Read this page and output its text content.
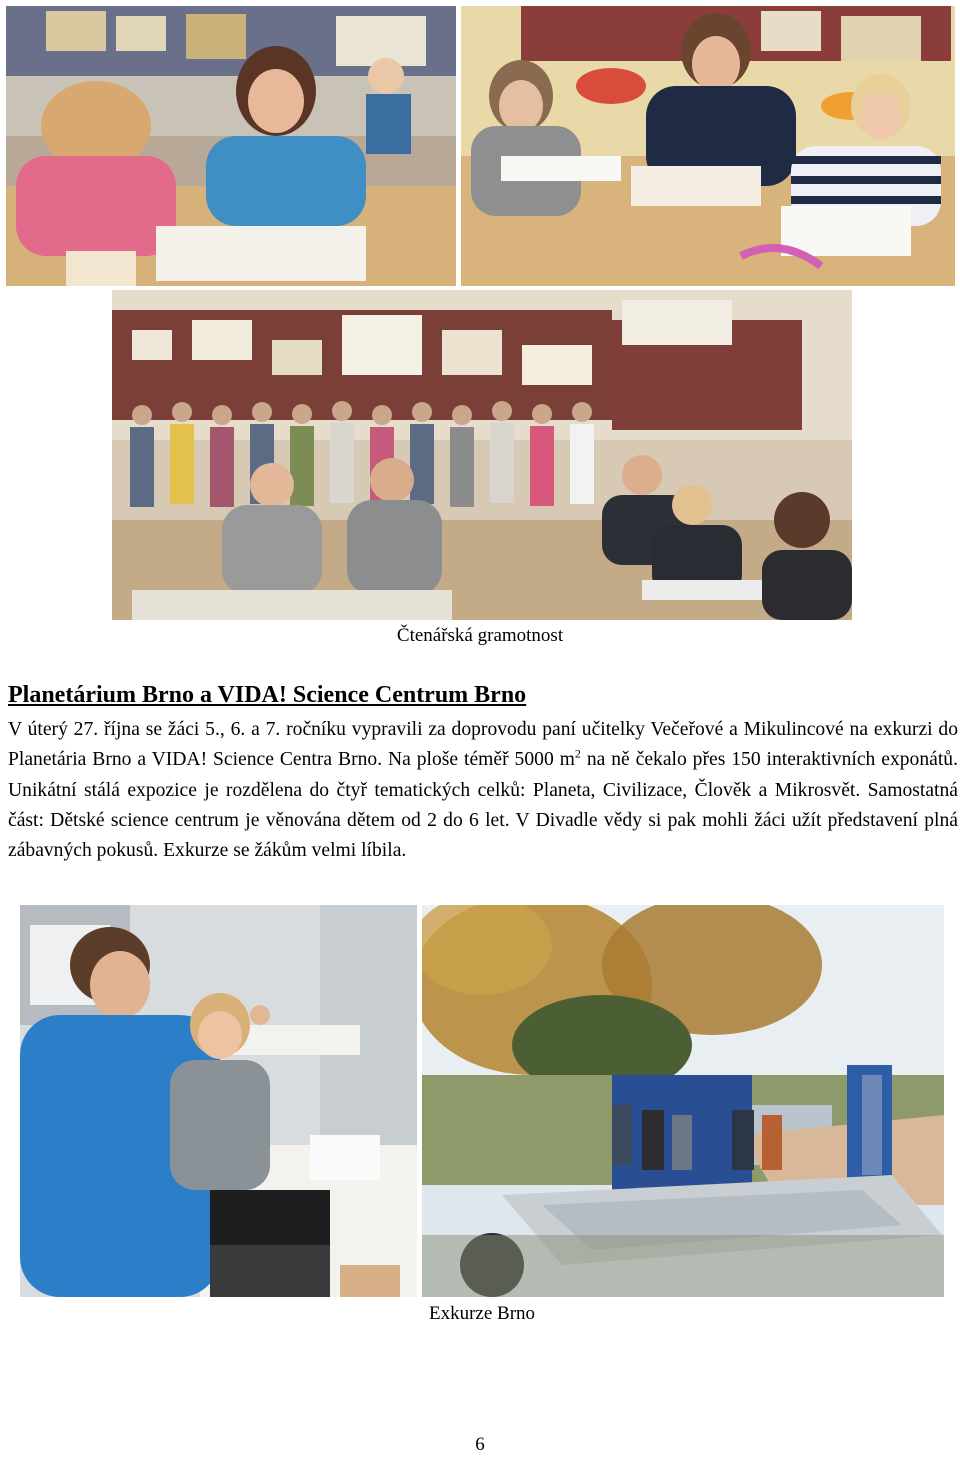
Čtenářská gramotnost
Planetárium Brno a VIDA! Science Centrum Brno

V úterý 27. října se žáci 5., 6. a 7. ročníku vypravili za doprovodu paní učitelky Večeřové a Mikulincové na exkurzi do Planetária Brno a VIDA! Science Centra Brno. Na ploše téměř 5000 $m^2$ na ně čekalo přes 150 interaktivních exponátů. Unikátní stálá expozice je rozdělena do čtyř tematických celků: Planeta, Civilizace, Člověk a Mikrosvět. Samostatná část: Dětské science centrum je věnována dětem od 2 do 6 let. V Divadle vědy si pak mohli žáci užít představení plná zábavných pokusů. Exkurze se žákům velmi líbila.

Exkurze Brno
6
